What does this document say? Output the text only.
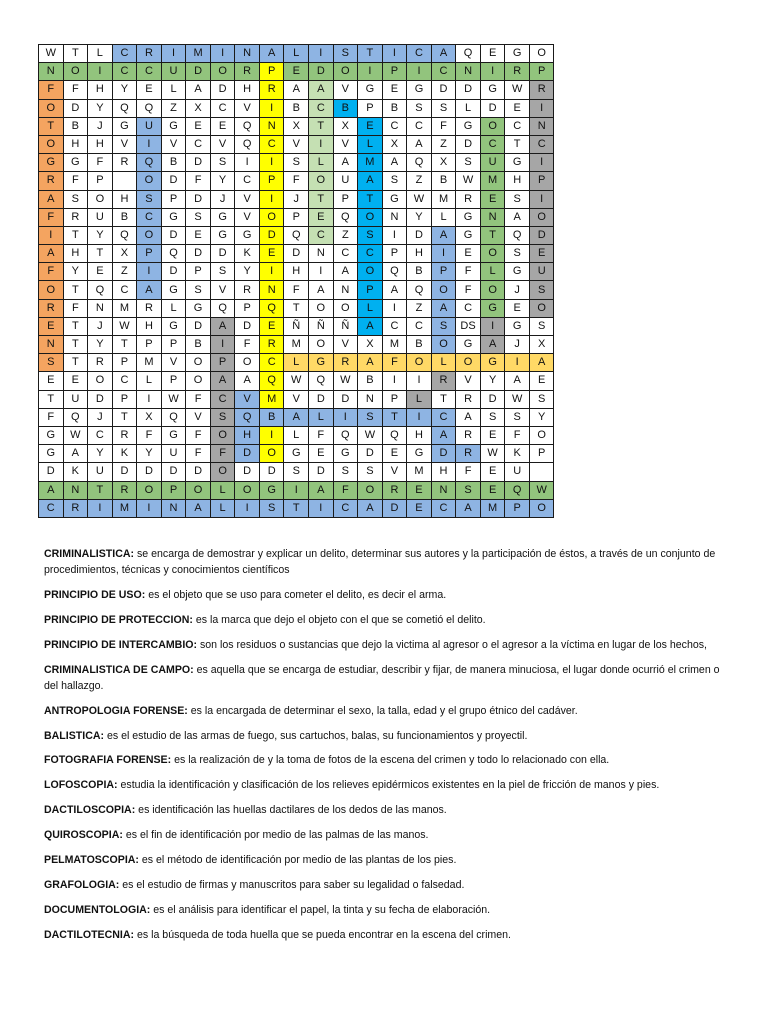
W	T	L	C	R	I	M	I	N	A	L	I	S	T	I	C	A	Q	E	G	O
N	O	I	C	C	U	D	O	R	P	E	D	O	I	P	I	C	N	I	R	P
F	F	H	Y	E	L	A	D	H	R	A	A	V	G	E	G	D	D	G	W	R
O	D	Y	Q	Q	Z	X	C	V	I	B	C	B	P	B	S	S	L	D	E	I
T	B	J	G	U	G	E	E	Q	N	X	T	X	E	C	C	F	G	O	C	N
O	H	H	V	I	V	C	V	Q	C	V	I	V	L	X	A	Z	D	C	T	C
G	G	F	R	Q	B	D	S	I	I	S	L	A	M	A	Q	X	S	U	G	I
R	F	P		O	D	F	Y	C	P	F	O	U	A	S	Z	B	W	M	H	P
A	S	O	H	S	P	D	J	V	I	J	T	P	T	G	W	M	R	E	S	I
F	R	U	B	C	G	S	G	V	O	P	E	Q	O	N	Y	L	G	N	A	O
I	T	Y	Q	O	D	E	G	G	D	Q	C	Z	S	I	D	A	G	T	Q	D
A	H	T	X	P	Q	D	D	K	E	D	N	C	C	P	H	I	E	O	S	E
F	Y	E	Z	I	D	P	S	Y	I	H	I	A	O	Q	B	P	F	L	G	U
O	T	Q	C	A	G	S	V	R	N	F	A	N	P	A	Q	O	F	O	J	S
R	F	N	M	R	L	G	Q	P	Q	T	O	O	L	I	Z	A	C	G	E	O
E	T	J	W	H	G	D	A	D	E	Ñ	Ñ	Ñ	A	C	C	S	DS	I	G	S
N	T	Y	T	P	P	B	I	F	R	M	O	V	X	M	B	O	G	A	J	X
S	T	R	P	M	V	O	P	O	C	L	G	R	A	F	O	L	O	G	I	A
E	E	O	C	L	P	O	A	A	Q	W	Q	W	B	I	I	R	V	Y	A	E
T	U	D	P	I	W	F	C	V	M	V	D	D	N	P	L	T	R	D	W	S
F	Q	J	T	X	Q	V	S	Q	B	A	L	I	S	T	I	C	A	S	S	Y
G	W	C	R	F	G	F	O	H	I	L	F	Q	W	Q	H	A	R	E	F	O
G	A	Y	K	Y	U	F	F	D	O	G	E	G	D	E	G	D	R	W	K	P
D	K	U	D	D	D	D	O	D	D	S	D	S	S	V	M	H	F	E	U	
A	N	T	R	O	P	O	L	O	G	I	A	F	O	R	E	N	S	E	Q	W
C	R	I	M	I	N	A	L	I	S	T	I	C	A	D	E	C	A	M	P	O

CRIMINALISTICA: se encarga de demostrar y explicar un delito, determinar sus autores y la participación de éstos, a través de un conjunto de procedimientos, técnicas y conocimientos científicos

PRINCIPIO DE USO: es el objeto que se uso para cometer el delito, es decir el arma.

PRINCIPIO DE PROTECCION: es la marca que dejo el objeto con el que se cometió el delito.

PRINCIPIO DE INTERCAMBIO: son los residuos o sustancias que dejo la victima al agresor o el agresor a la víctima en lugar de los hechos,

CRIMINALISTICA DE CAMPO: es aquella que se encarga de estudiar, describir y fijar, de manera minuciosa, el lugar donde ocurrió el crimen o del hallazgo.

ANTROPOLOGIA FORENSE: es la encargada de determinar el sexo, la talla, edad y el grupo étnico del cadáver.

BALISTICA: es el estudio de las armas de fuego, sus cartuchos, balas, su funcionamientos y proyectil.

FOTOGRAFIA FORENSE: es la realización de y la toma de fotos de la escena del crimen y todo lo relacionado con ella.

LOFOSCOPIA: estudia la identificación y clasificación de los relieves epidérmicos existentes en la piel de fricción de manos y pies.

DACTILOSCOPIA: es identificación las huellas dactilares de los dedos de las manos.

QUIROSCOPIA: es el fin de identificación por medio de las palmas de las manos.

PELMATOSCOPIA: es el método de identificación por medio de las plantas de los pies.

GRAFOLOGIA: es el estudio de firmas y manuscritos para saber su legalidad o falsedad.

DOCUMENTOLOGIA: es el análisis para identificar el papel, la tinta y su fecha de elaboración.

DACTILOTECNIA: es la búsqueda de toda huella que se pueda encontrar en la escena del crimen.
